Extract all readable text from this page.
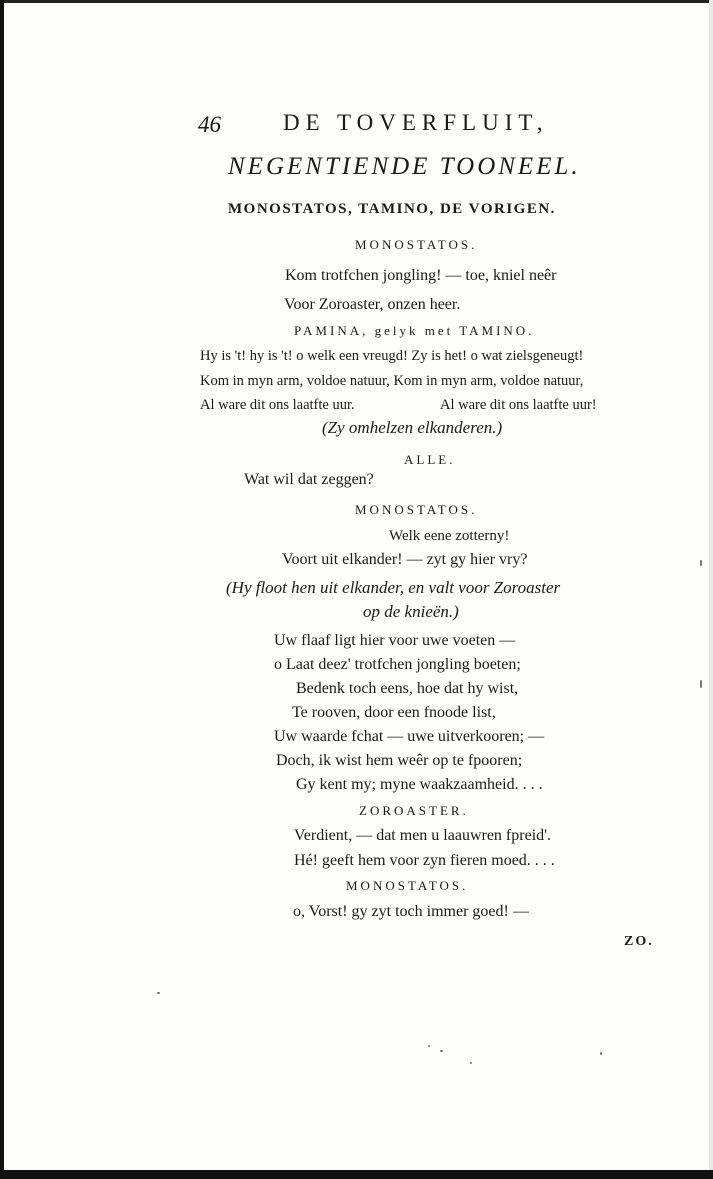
46	DE TOVERFLUIT,
NEGENTIENDE TOONEEL.
MONOSTATOS, TAMINO, DE VORIGEN.
MONOSTATOS.
Kom trotfchen jongling! — toe, kniel neêr
Voor Zoroaster, onzen heer.
PAMINA, gelyk met TAMINO.
Hy is 't! hy is 't! o welk een vreugd! Zy is het! o wat zielsgeneugt!
Kom in myn arm, voldoe natuur, Kom in myn arm, voldoe natuur,
Al ware dit ons laatfte uur.	Al ware dit ons laatfte uur!
(Zy omhelzen elkanderen.)
ALLE.
Wat wil dat zeggen?
MONOSTATOS.
Welk eene zotterny!
Voort uit elkander! — zyt gy hier vry?
(Hy floot hen uit elkander, en valt voor Zoroaster
op de knieën.)
Uw flaaf ligt hier voor uwe voeten —
o Laat deez' trotfchen jongling boeten;
Bedenk toch eens, hoe dat hy wist,
Te rooven, door een fnoode list,
Uw waarde fchat — uwe uitverkooren; —
Doch, ik wist hem weêr op te fpooren;
Gy kent my; myne waakzaamheid. . . .
ZOROASTER.
Verdient, — dat men u laauwren fpreid'.
Hé! geeft hem voor zyn fieren moed. . . .
MONOSTATOS.
o, Vorst! gy zyt toch immer goed! —
ZO.
